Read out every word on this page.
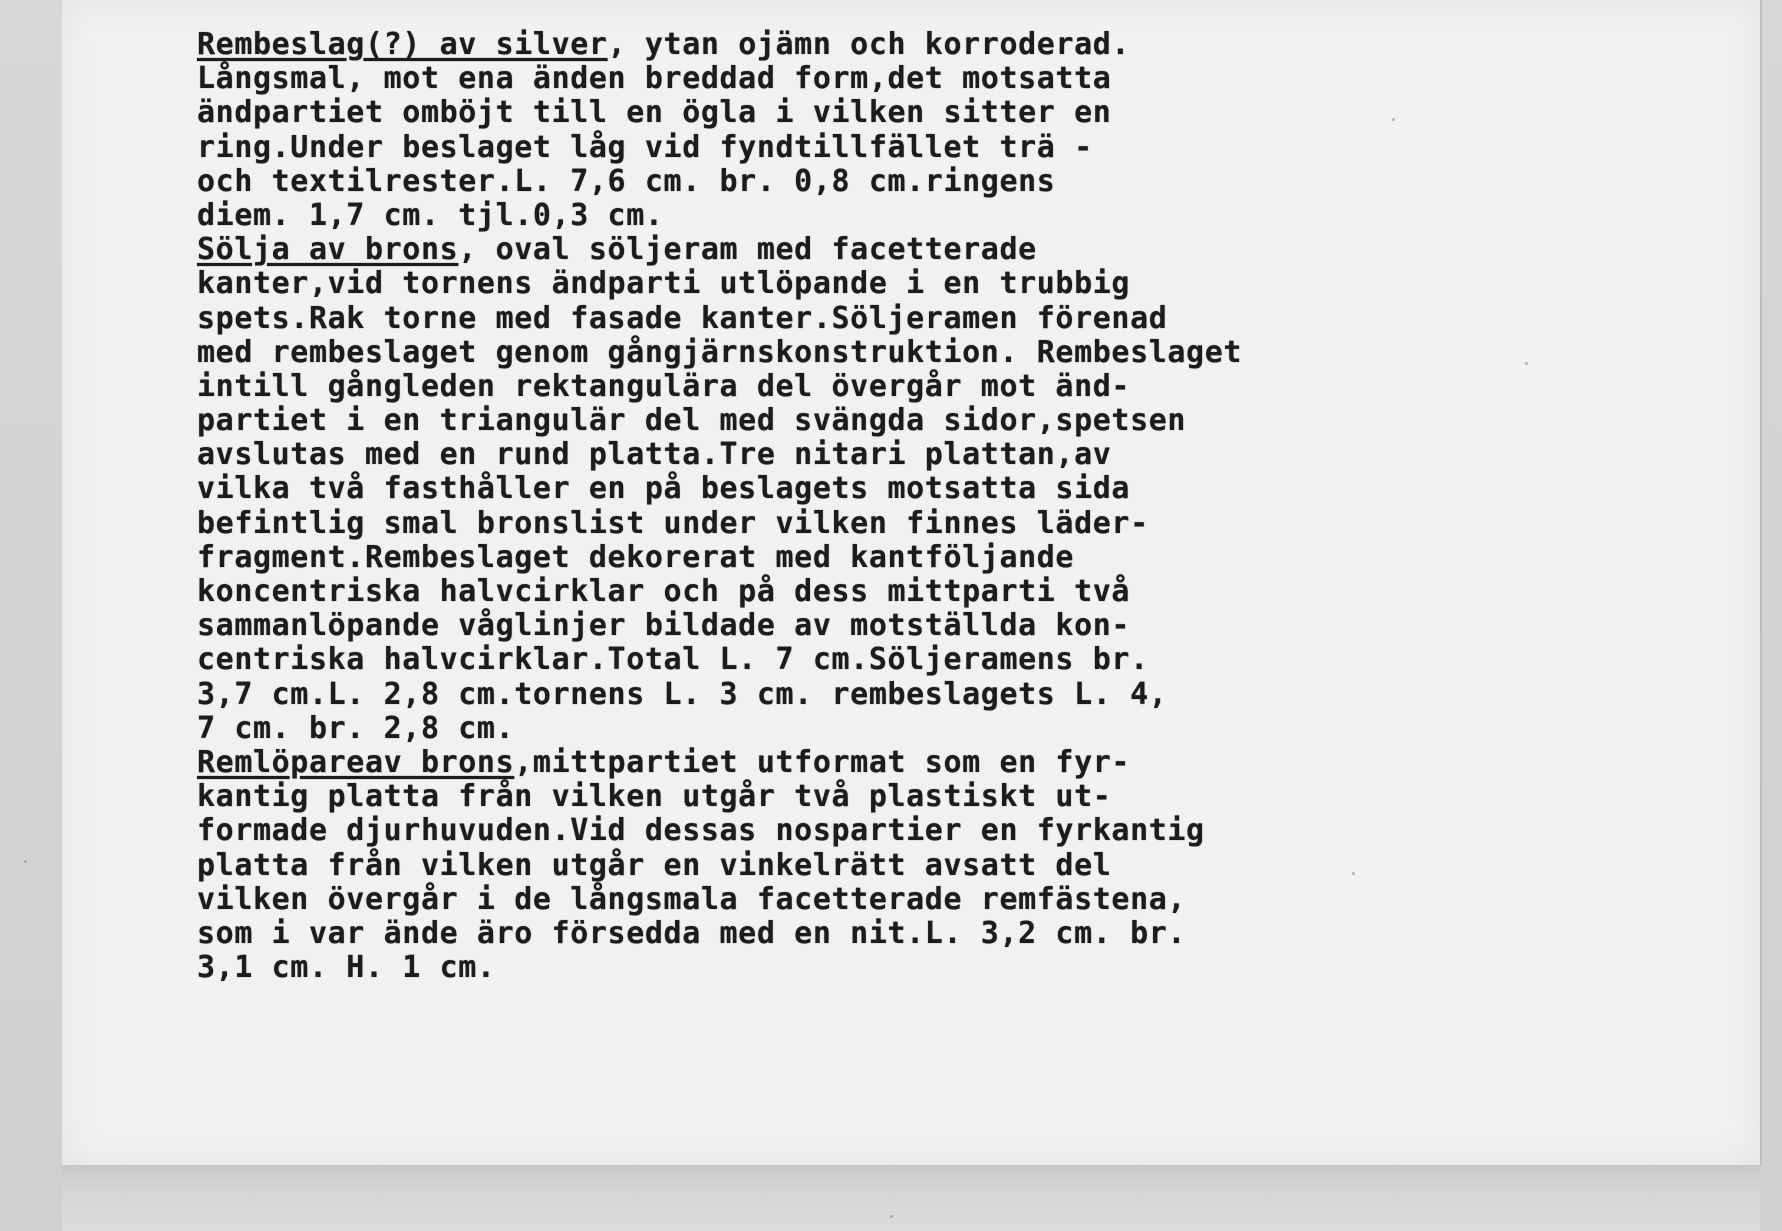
Rembeslag(?) av silver, ytan ojämn och korroderad.
Långsmal, mot ena änden breddad form,det motsatta
ändpartiet omböjt till en ögla i vilken sitter en
ring.Under beslaget låg vid fyndtillfället trä -
och textilrester.L. 7,6 cm. br. 0,8 cm.ringens
diem. 1,7 cm. tjl.0,3 cm.
Sölja av brons, oval söljeram med facetterade
kanter,vid tornens ändparti utlöpande i en trubbig
spets.Rak torne med fasade kanter.Söljeramen förenad
med rembeslaget genom gångjärnskonstruktion. Rembeslaget
intill gångleden rektangulära del övergår mot änd-
partiet i en triangulär del med svängda sidor,spetsen
avslutas med en rund platta.Tre nitari plattan,av
vilka två fasthåller en på beslagets motsatta sida
befintlig smal bronslist under vilken finnes läder-
fragment.Rembeslaget dekorerat med kantföljande
koncentriska halvcirklar och på dess mittparti två
sammanlöpande våglinjer bildade av motställda kon-
centriska halvcirklar.Total L. 7 cm.Söljeramens br.
3,7 cm.L. 2,8 cm.tornens L. 3 cm. rembeslagets L. 4,
7 cm. br. 2,8 cm.
Remlöpareav brons,mittpartiet utformat som en fyr-
kantig platta från vilken utgår två plastiskt ut-
formade djurhuvuden.Vid dessas nospartier en fyrkantig
platta från vilken utgår en vinkelrätt avsatt del
vilken övergår i de långsmala facetterade remfästena,
som i var ände äro försedda med en nit.L. 3,2 cm. br.
3,1 cm. H. 1 cm.
